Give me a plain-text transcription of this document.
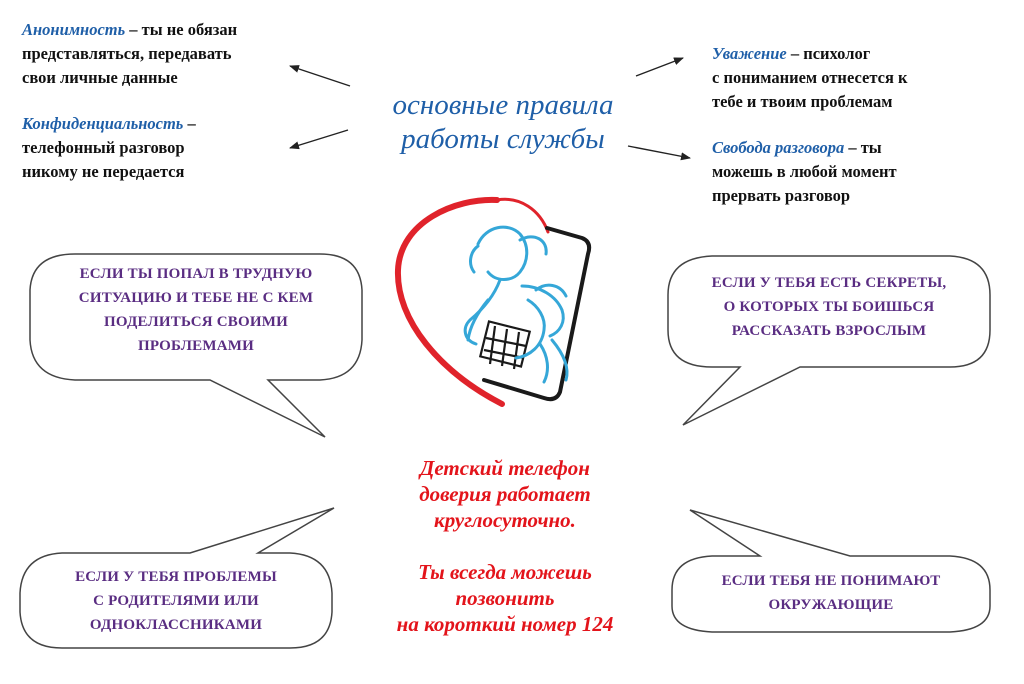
Анонимность – ты не обязан
представляться, передавать
свои личные данные
Конфиденциальность –
телефонный разговор
никому не передается
Уважение – психолог
с пониманием отнесется к
тебе и твоим проблемам
Свобода разговора – ты
можешь в любой момент
прервать разговор
основные правила
работы службы
ЕСЛИ ТЫ ПОПАЛ В ТРУДНУЮ
СИТУАЦИЮ И ТЕБЕ НЕ С КЕМ
ПОДЕЛИТЬСЯ СВОИМИ
ПРОБЛЕМАМИ
ЕСЛИ У ТЕБЯ ЕСТЬ СЕКРЕТЫ,
О КОТОРЫХ ТЫ БОИШЬСЯ
РАССКАЗАТЬ ВЗРОСЛЫМ
ЕСЛИ У ТЕБЯ ПРОБЛЕМЫ
С РОДИТЕЛЯМИ ИЛИ
ОДНОКЛАССНИКАМИ
ЕСЛИ ТЕБЯ НЕ ПОНИМАЮТ
ОКРУЖАЮЩИЕ
Детский телефон
доверия работает
круглосуточно.
Ты всегда можешь
позвонить
на короткий номер 124
